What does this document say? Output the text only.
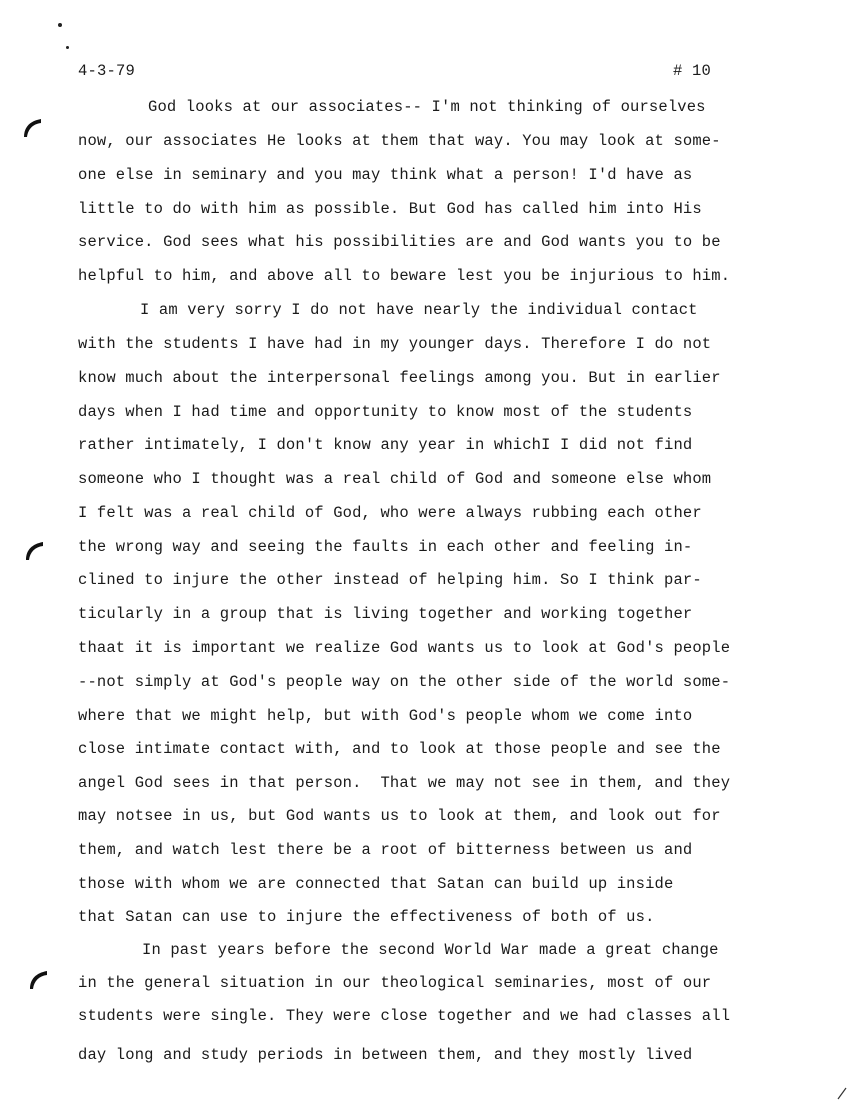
4-3-79	# 10
God looks at our associates-- I'm not thinking of ourselves
now, our associates He looks at them that way. You may look at some-
one else in seminary and you may think what a person! I'd have as
little to do with him as possible. But God has called him into His
service. God sees what his possibilities are and God wants you to be
helpful to him, and above all to beware lest you be injurious to him.
I am very sorry I do not have nearly the individual contact
with the students I have had in my younger days. Therefore I do not
know much about the interpersonal feelings among you. But in earlier
days when I had time and opportunity to know most of the students
rather intimately, I don't know any year in whichI I did not find
someone who I thought was a real child of God and someone else whom
I felt was a real child of God, who were always rubbing each other
the wrong way and seeing the faults in each other and feeling in-
clined to injure the other instead of helping him. So I think par-
ticularly in a group that is living together and working together
thaat it is important we realize God wants us to look at God's people
--not simply at God's people way on the other side of the world some-
where that we might help, but with God's people whom we come into
close intimate contact with, and to look at those people and see the
angel God sees in that person.  That we may not see in them, and they
may notsee in us, but God wants us to look at them, and look out for
them, and watch lest there be a root of bitterness between us and
those with whom we are connected that Satan can build up inside
that Satan can use to injure the effectiveness of both of us.
In past years before the second World War made a great change
in the general situation in our theological seminaries, most of our
students were single. They were close together and we had classes all
day long and study periods in between them, and they mostly lived
